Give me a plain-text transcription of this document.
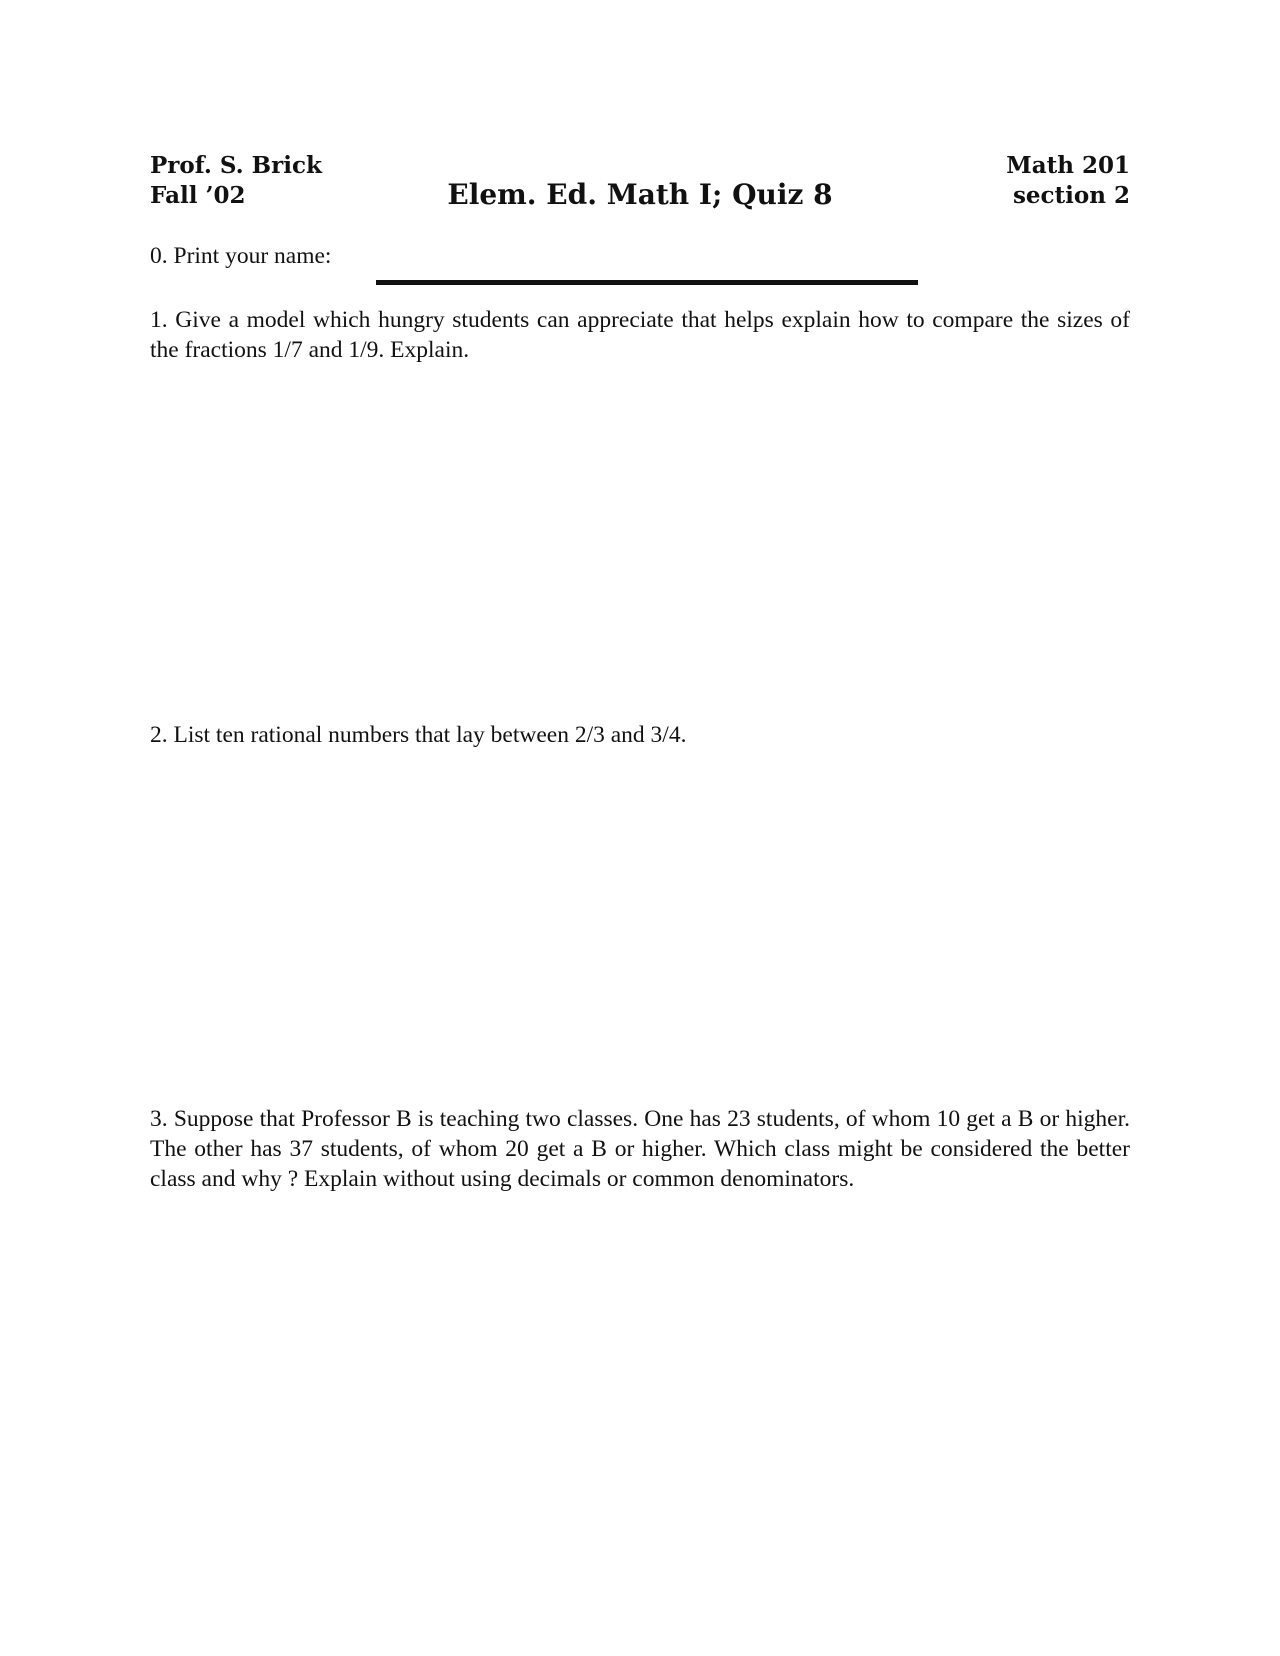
Prof. S. Brick
Fall ’02	Elem. Ed. Math I; Quiz 8
Math 201
section 2
0. Print your name:
1. Give a model which hungry students can appreciate that helps explain how to compare the sizes of the fractions 1/7 and 1/9. Explain.
2. List ten rational numbers that lay between 2/3 and 3/4.
3. Suppose that Professor B is teaching two classes. One has 23 students, of whom 10 get a B or higher. The other has 37 students, of whom 20 get a B or higher. Which class might be considered the better class and why ? Explain without using decimals or common denominators.
